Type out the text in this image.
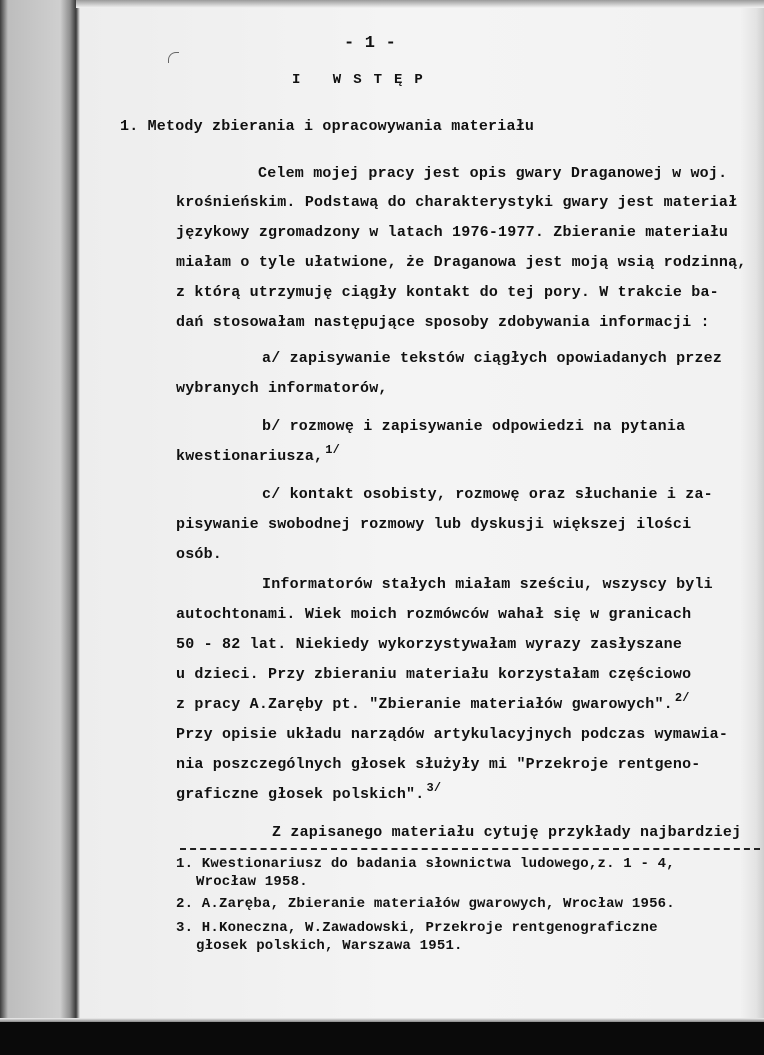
- 1 -
I WSTĘP
1. Metody zbierania i opracowywania materiału
Celem mojej pracy jest opis gwary Draganowej w woj.
krośnieńskim. Podstawą do charakterystyki gwary jest materiał
językowy zgromadzony w latach 1976-1977. Zbieranie materiału
miałam o tyle ułatwione, że Draganowa jest moją wsią rodzinną,
z którą utrzymuję ciągły kontakt do tej pory. W trakcie ba-
dań stosowałam następujące sposoby zdobywania informacji :
a/ zapisywanie tekstów ciągłych opowiadanych przez
wybranych informatorów,
b/ rozmowę i zapisywanie odpowiedzi na pytania
kwestionariusza, $^{1/}$
c/ kontakt osobisty, rozmowę oraz słuchanie i za-
pisywanie swobodnej rozmowy lub dyskusji większej ilości
osób.
Informatorów stałych miałam sześciu, wszyscy byli
autochtonami. Wiek moich rozmówców wahał się w granicach
50 - 82 lat. Niekiedy wykorzystywałam wyrazy zasłyszane
u dzieci. Przy zbieraniu materiału korzystałam częściowo
z pracy A.Zaręby pt. "Zbieranie materiałów gwarowych". $^{2/}$
Przy opisie układu narządów artykulacyjnych podczas wymawia-
nia poszczególnych głosek służyły mi "Przekroje rentgeno-
graficzne głosek polskich". $^{3/}$
Z zapisanego materiału cytuję przykłady najbardziej
1. Kwestionariusz do badania słownictwa ludowego,z. 1 - 4,
Wrocław 1958.
2. A.Zaręba, Zbieranie materiałów gwarowych, Wrocław 1956.
3. H.Koneczna, W.Zawadowski, Przekroje rentgenograficzne
głosek polskich, Warszawa 1951.
